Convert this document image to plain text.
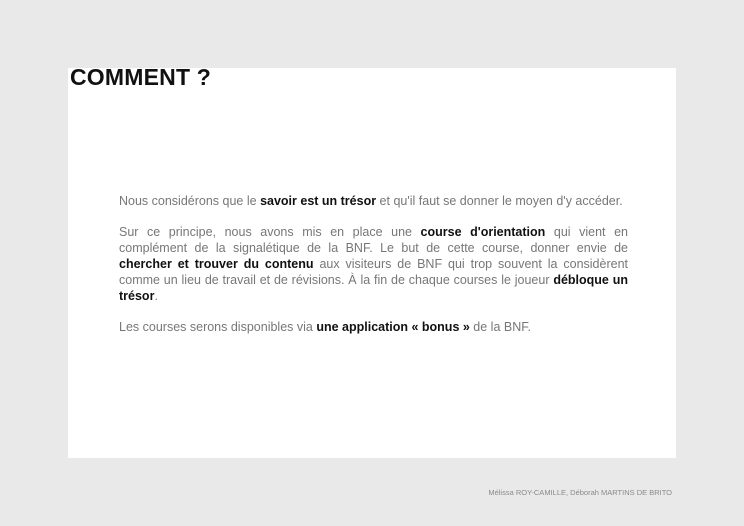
COMMENT ?

Nous considérons que le savoir est un trésor et qu'il faut se donner le moyen d'y accéder.

Sur ce principe, nous avons mis en place une course d'orientation qui vient en complément de la signalétique de la BNF. Le but de cette course, donner envie de chercher et trouver du contenu aux visiteurs de BNF qui trop souvent la considèrent comme un lieu de travail et de révisions. À la fin de chaque courses le joueur débloque un trésor.

Les courses serons disponibles via une application « bonus » de la BNF.

Mélissa ROY-CAMILLE, Déborah MARTINS DE BRITO
